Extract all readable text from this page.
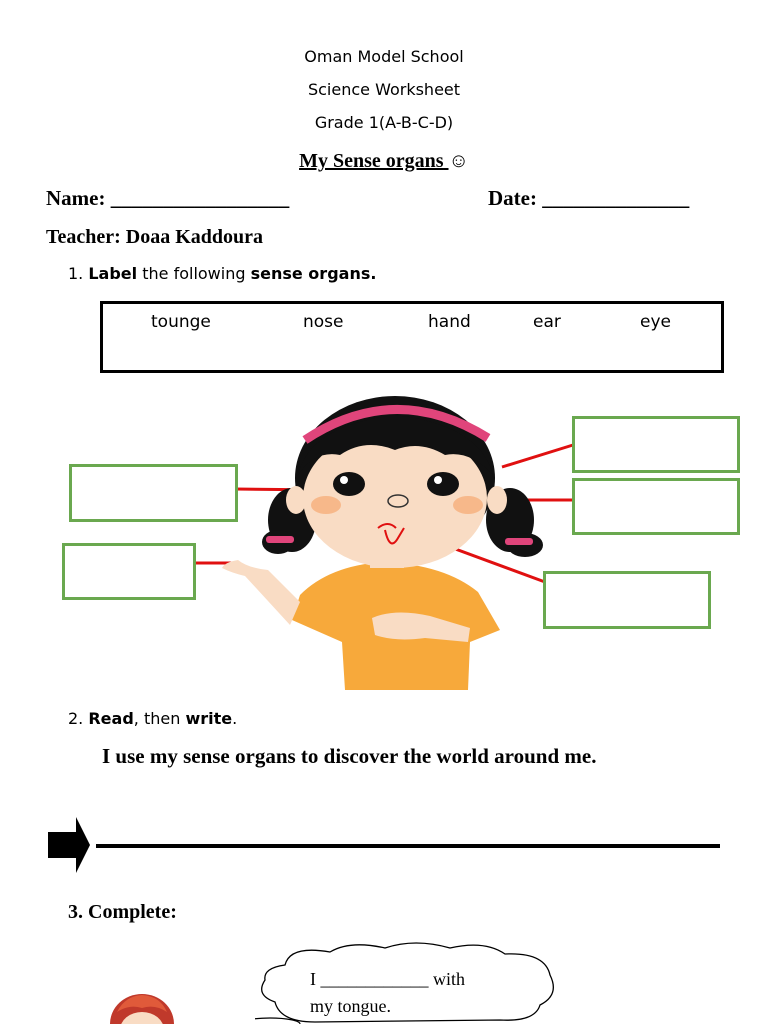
Oman Model School
Science Worksheet
Grade 1(A-B-C-D)
My Sense organs ☺
Name: _________________	Date: ______________
Teacher: Doaa Kaddoura
1. Label the following sense organs.
tounge	nose	hand	ear	eye
2. Read, then write.
I use my sense organs to discover the world around me.
3. Complete:
I ____________ with
my tongue.
